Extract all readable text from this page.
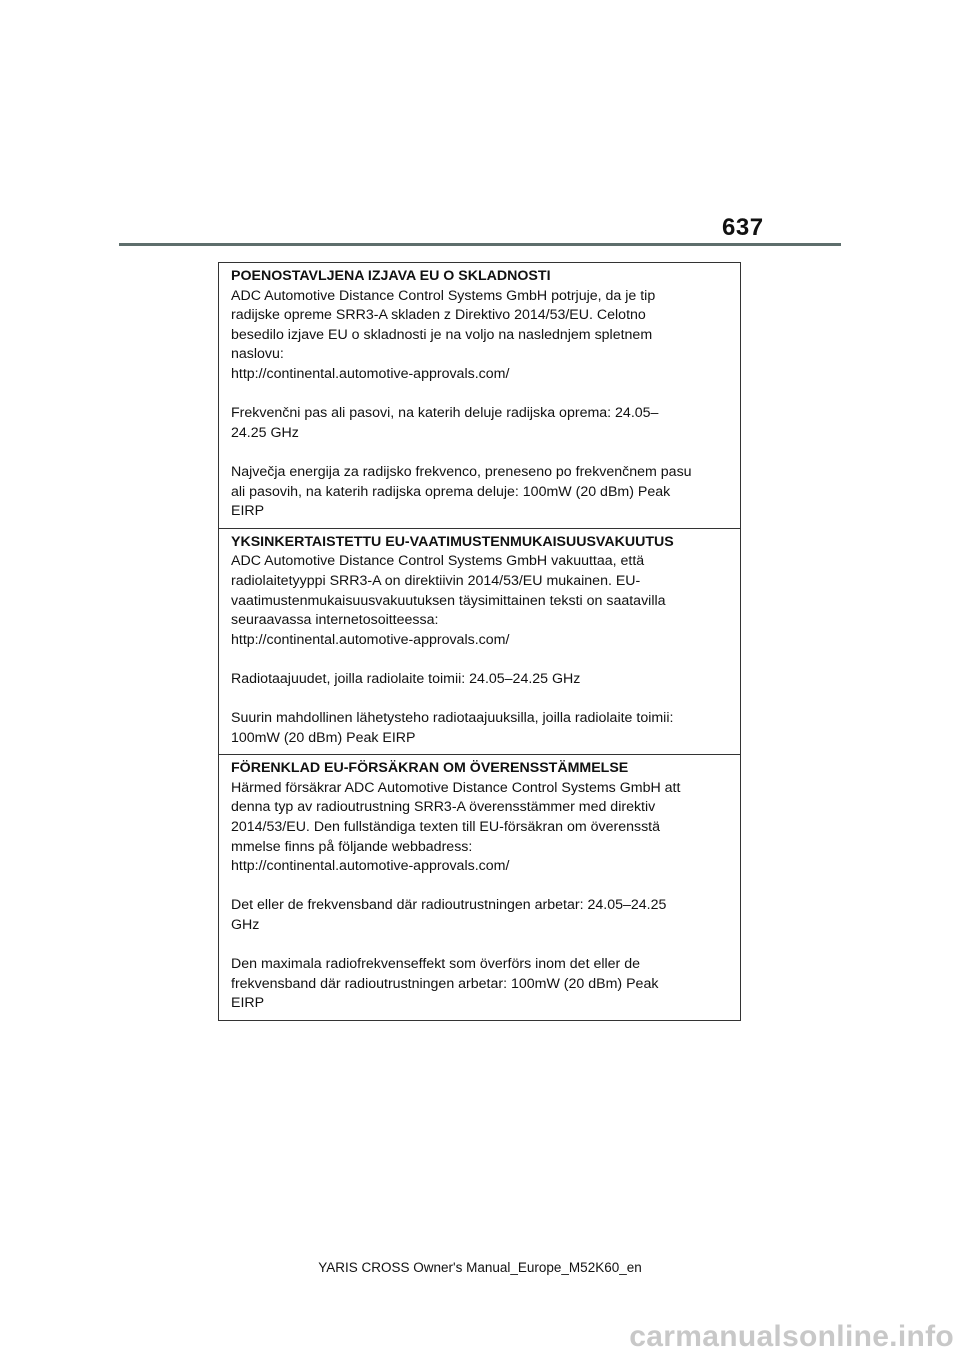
637
POENOSTAVLJENA IZJAVA EU O SKLADNOSTI
ADC Automotive Distance Control Systems GmbH potrjuje, da je tip
radijske opreme SRR3-A skladen z Direktivo 2014/53/EU. Celotno
besedilo izjave EU o skladnosti je na voljo na naslednjem spletnem
naslovu:
http://continental.automotive-approvals.com/
Frekvenčni pas ali pasovi, na katerih deluje radijska oprema: 24.05–
24.25 GHz
Največja energija za radijsko frekvenco, preneseno po frekvenčnem pasu
ali pasovih, na katerih radijska oprema deluje: 100mW (20 dBm) Peak
EIRP
YKSINKERTAISTETTU EU-VAATIMUSTENMUKAISUUSVAKUUTUS
ADC Automotive Distance Control Systems GmbH vakuuttaa, että
radiolaitetyyppi SRR3-A on direktiivin 2014/53/EU mukainen. EU-
vaatimustenmukaisuusvakuutuksen täysimittainen teksti on saatavilla
seuraavassa internetosoitteessa:
http://continental.automotive-approvals.com/
Radiotaajuudet, joilla radiolaite toimii: 24.05–24.25 GHz
Suurin mahdollinen lähetysteho radiotaajuuksilla, joilla radiolaite toimii:
100mW (20 dBm) Peak EIRP
FÖRENKLAD EU-FÖRSÄKRAN OM ÖVERENSSTÄMMELSE
Härmed försäkrar ADC Automotive Distance Control Systems GmbH att
denna typ av radioutrustning SRR3-A överensstämmer med direktiv
2014/53/EU. Den fullständiga texten till EU-försäkran om överensstä
mmelse finns på följande webbadress:
http://continental.automotive-approvals.com/
Det eller de frekvensband där radioutrustningen arbetar: 24.05–24.25
GHz
Den maximala radiofrekvenseffekt som överförs inom det eller de
frekvensband där radioutrustningen arbetar: 100mW (20 dBm) Peak
EIRP
YARIS CROSS Owner's Manual_Europe_M52K60_en
carmanualsonline.info
